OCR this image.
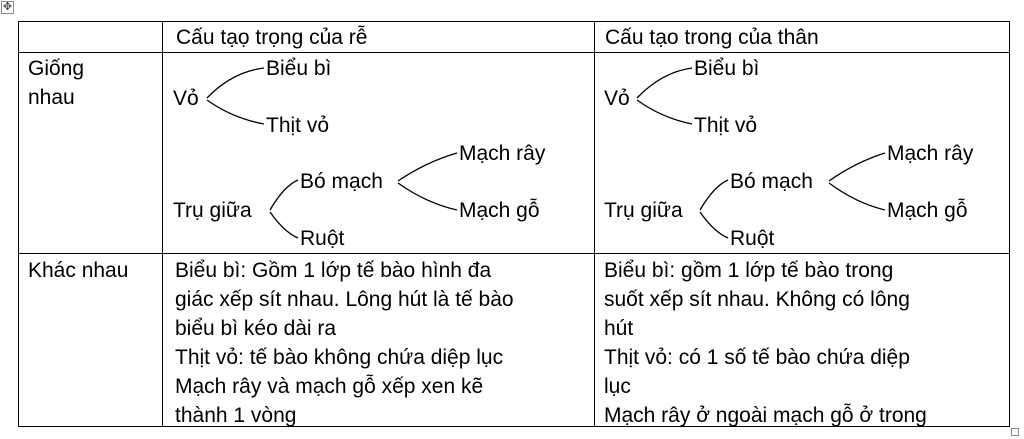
✥
Cấu tạọ trọng của rễ	Cấu tạo trong của thân
Giống
nhau	Vỏ
Biểu bì
Thịt vỏ
Trụ giữa
Bó mạch
Ruột
Mạch rây
Mạch gỗ
Vỏ
Biểu bì
Thịt vỏ
Trụ giữa
Bó mạch
Ruột
Mạch rây
Mạch gỗ
Khác nhau Biểu bì: Gồm 1 lớp tế bào hình đa
giác xếp sít nhau. Lông hút là tế bào
biểu bì kéo dài ra
Thịt vỏ: tế bào không chứa diệp lục
Mạch rây và mạch gỗ xếp xen kẽ
thành 1 vòng
Biểu bì: gồm 1 lớp tế bào trong
suốt xếp sít nhau. Không có lông
hút
Thịt vỏ: có 1 số tế bào chứa diệp
lục
Mạch rây ở ngoài mạch gỗ ở trong
